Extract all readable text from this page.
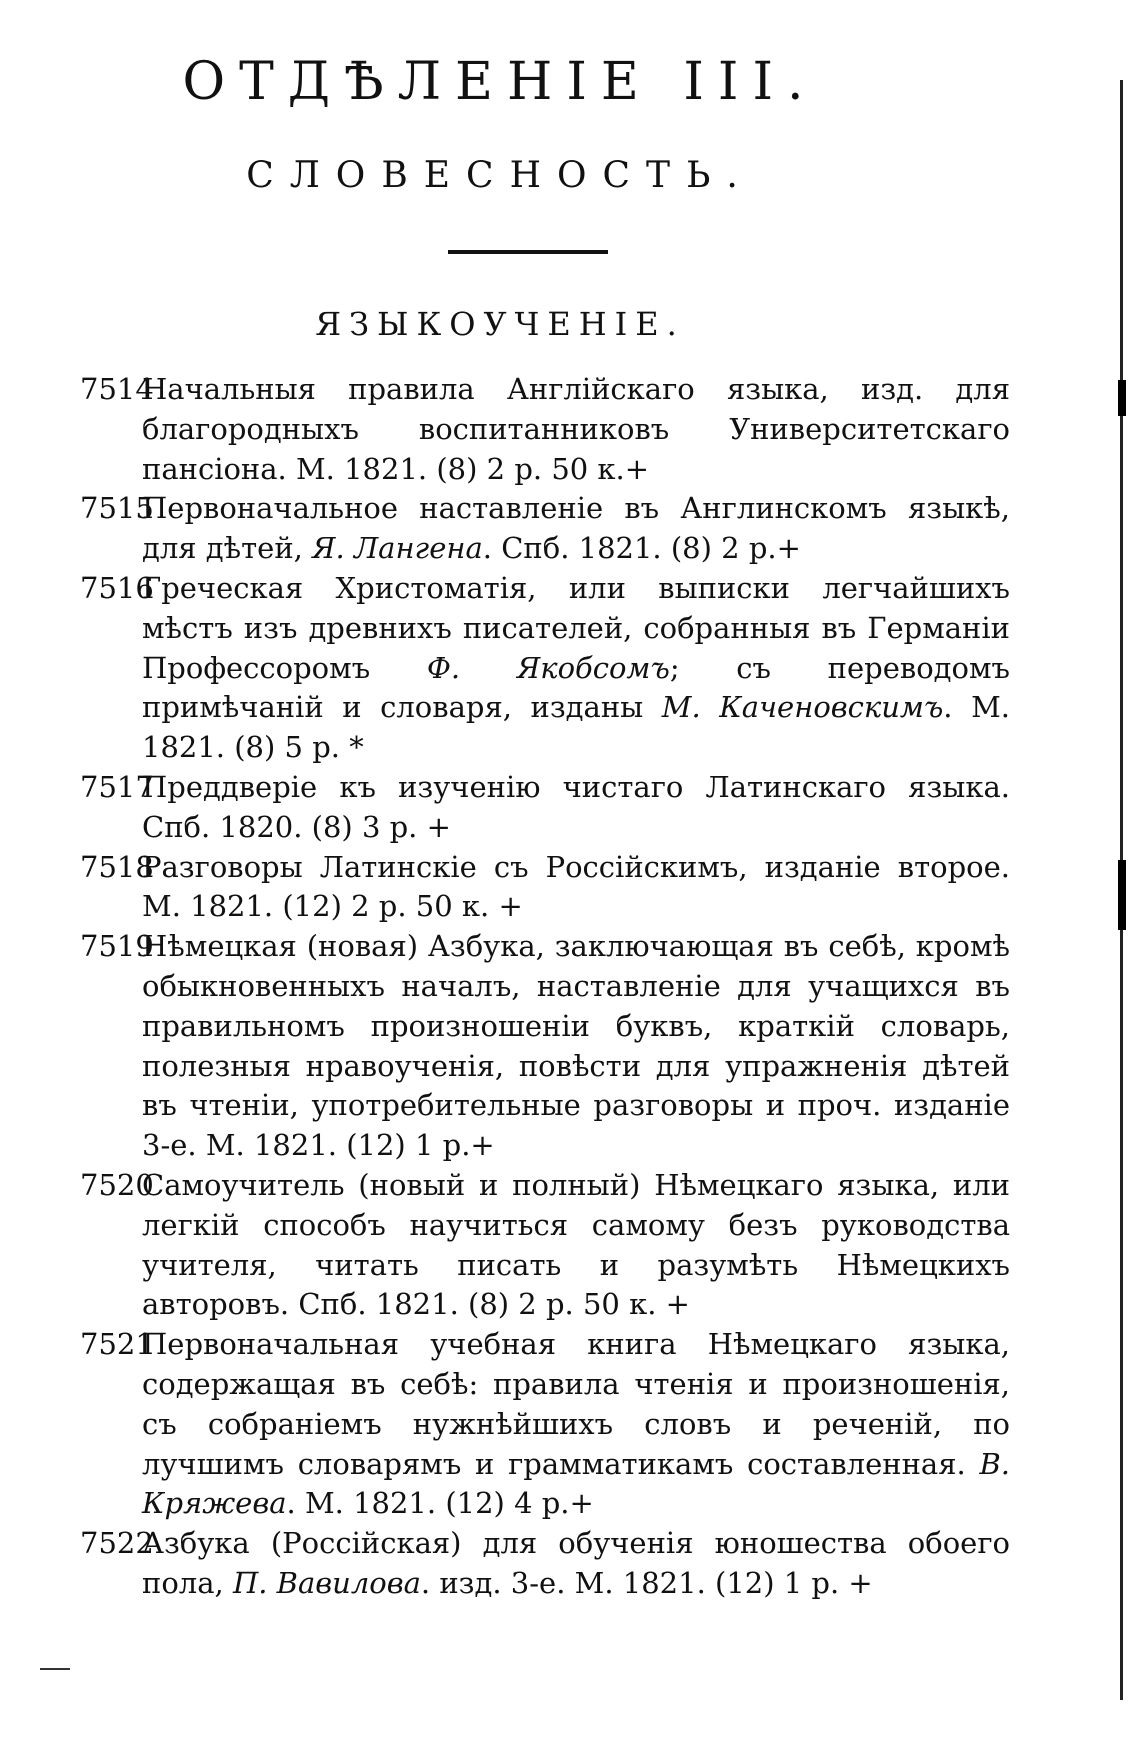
ОТДѢЛЕНІЕ III.
СЛОВЕСНОСТЬ.
ЯЗЫКОУЧЕНІЕ.
7514
Начальныя правила Англійскаго языка, изд. для благородныхъ воспитанниковъ Университетскаго пансіона. М. 1821. (8) 2 р. 50 к.+
7515
Первоначальное наставленіе въ Англинскомъ языкѣ, для дѣтей, Я. Лангена. Спб. 1821. (8) 2 р.+
7516
Греческая Христоматія, или выписки легчайшихъ мѣстъ изъ древнихъ писателей, собранныя въ Германіи Профессоромъ Ф. Якобсомъ; съ переводомъ примѣчаній и словаря, изданы М. Каченовскимъ. М. 1821. (8) 5 р. *
7517
Преддверіе къ изученію чистаго Латинскаго языка. Спб. 1820. (8) 3 р. +
7518
Разговоры Латинскіе съ Россійскимъ, изданіе второе. М. 1821. (12) 2 р. 50 к. +
7519
Нѣмецкая (новая) Азбука, заключающая въ себѣ, кромѣ обыкновенныхъ началъ, наставленіе для учащихся въ правильномъ произношеніи буквъ, краткій словарь, полезныя нравоученія, повѣсти для упражненія дѣтей въ чтеніи, употребительные разговоры и проч. изданіе 3-е. М. 1821. (12) 1 р.+
7520
Самоучитель (новый и полный) Нѣмецкаго языка, или легкій способъ научиться самому безъ руководства учителя, читать писать и разумѣть Нѣмецкихъ авторовъ. Спб. 1821. (8) 2 р. 50 к. +
7521
Первоначальная учебная книга Нѣмецкаго языка, содержащая въ себѣ: правила чтенія и произношенія, съ собраніемъ нужнѣйшихъ словъ и реченій, по лучшимъ словарямъ и грамматикамъ составленная. В. Кряжева. М. 1821. (12) 4 р.+
7522
Азбука (Россійская) для обученія юношества обоего пола, П. Вавилова. изд. 3-е. М. 1821. (12) 1 р. +
